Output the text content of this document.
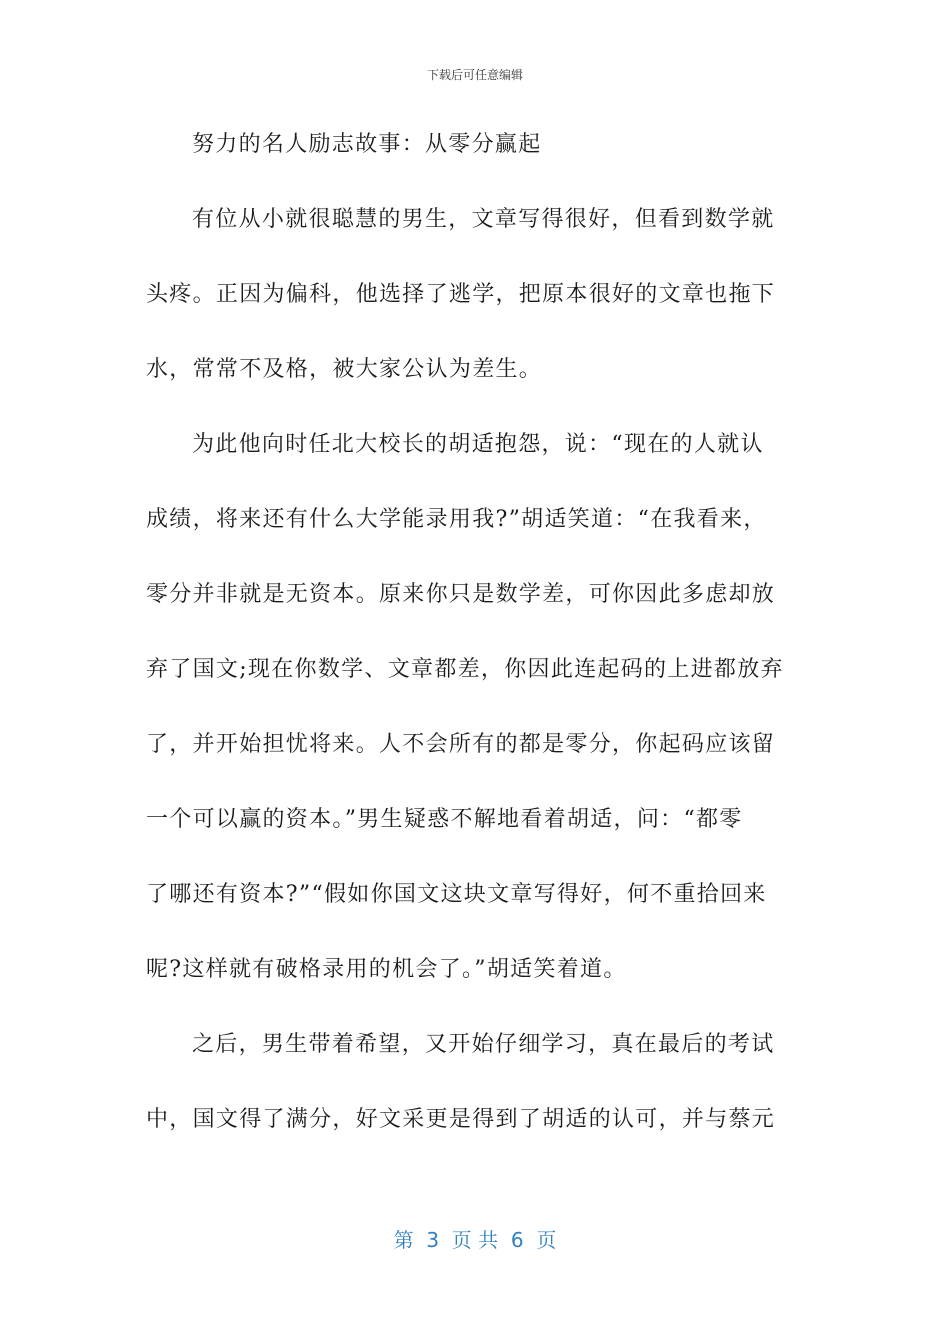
下载后可任意编辑
努力的名人励志故事：从零分赢起
有位从小就很聪慧的男生，文章写得很好，但看到数学就
头疼。正因为偏科，他选择了逃学，把原本很好的文章也拖下
水，常常不及格，被大家公认为差生。
为此他向时任北大校长的胡适抱怨，说：“现在的人就认
成绩，将来还有什么大学能录用我?”胡适笑道：“在我看来，
零分并非就是无资本。原来你只是数学差，可你因此多虑却放
弃了国文;现在你数学、文章都差，你因此连起码的上进都放弃
了，并开始担忧将来。人不会所有的都是零分，你起码应该留
一个可以赢的资本。”男生疑惑不解地看着胡适，问：“都零
了哪还有资本?”“假如你国文这块文章写得好，何不重拾回来
呢?这样就有破格录用的机会了。”胡适笑着道。
之后，男生带着希望，又开始仔细学习，真在最后的考试
中，国文得了满分，好文采更是得到了胡适的认可，并与蔡元
第  3  页 共  6  页
